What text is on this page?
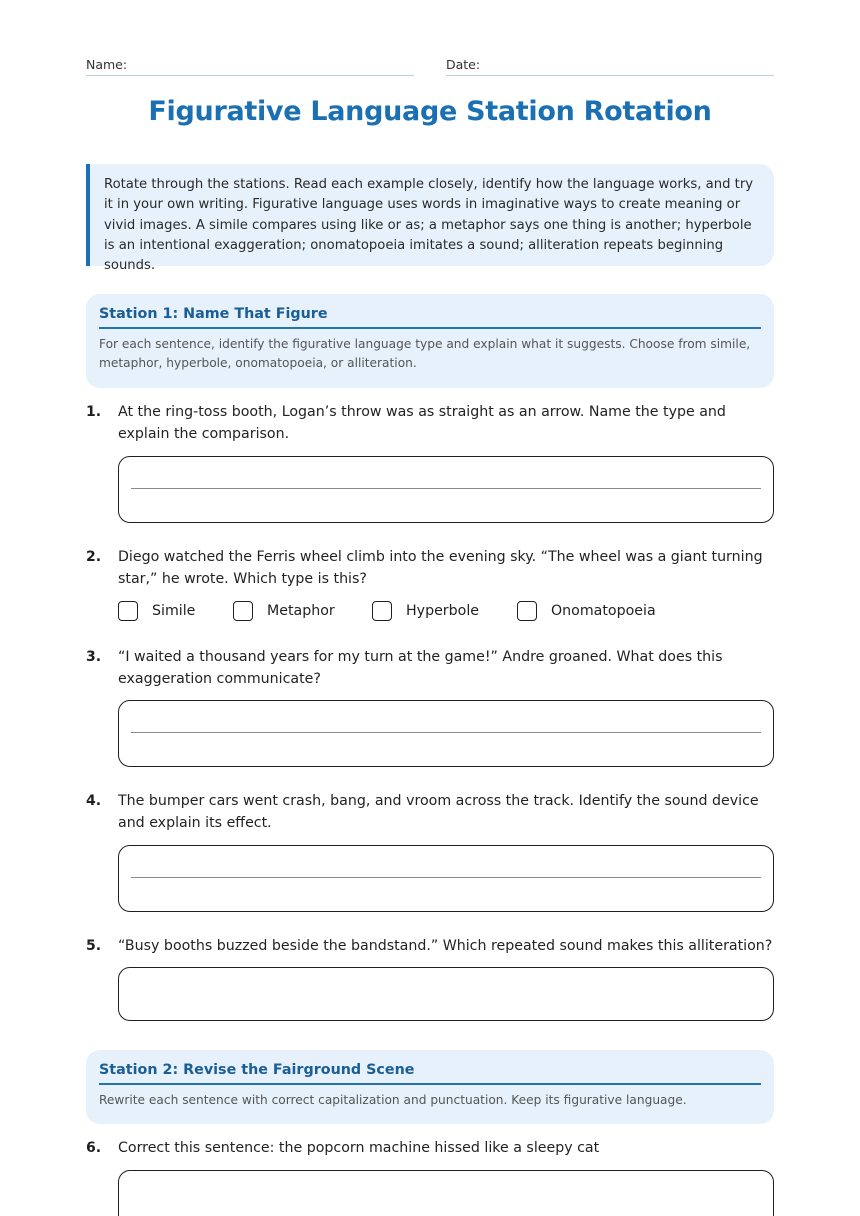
Name:	Date:
Figurative Language Station Rotation
Rotate through the stations. Read each example closely, identify how the language works, and try it in your own writing. Figurative language uses words in imaginative ways to create meaning or vivid images. A simile compares using like or as; a metaphor says one thing is another; hyperbole is an intentional exaggeration; onomatopoeia imitates a sound; alliteration repeats beginning sounds.
Station 1: Name That Figure
For each sentence, identify the figurative language type and explain what it suggests. Choose from simile, metaphor, hyperbole, onomatopoeia, or alliteration.
1. At the ring-toss booth, Logan’s throw was as straight as an arrow. Name the type and explain the comparison.
2. Diego watched the Ferris wheel climb into the evening sky. “The wheel was a giant turning star,” he wrote. Which type is this?
Simile	Metaphor	Hyperbole	Onomatopoeia
3. “I waited a thousand years for my turn at the game!” Andre groaned. What does this exaggeration communicate?
4. The bumper cars went crash, bang, and vroom across the track. Identify the sound device and explain its effect.
5. “Busy booths buzzed beside the bandstand.” Which repeated sound makes this alliteration?
Station 2: Revise the Fairground Scene
Rewrite each sentence with correct capitalization and punctuation. Keep its figurative language.
6. Correct this sentence: the popcorn machine hissed like a sleepy cat
